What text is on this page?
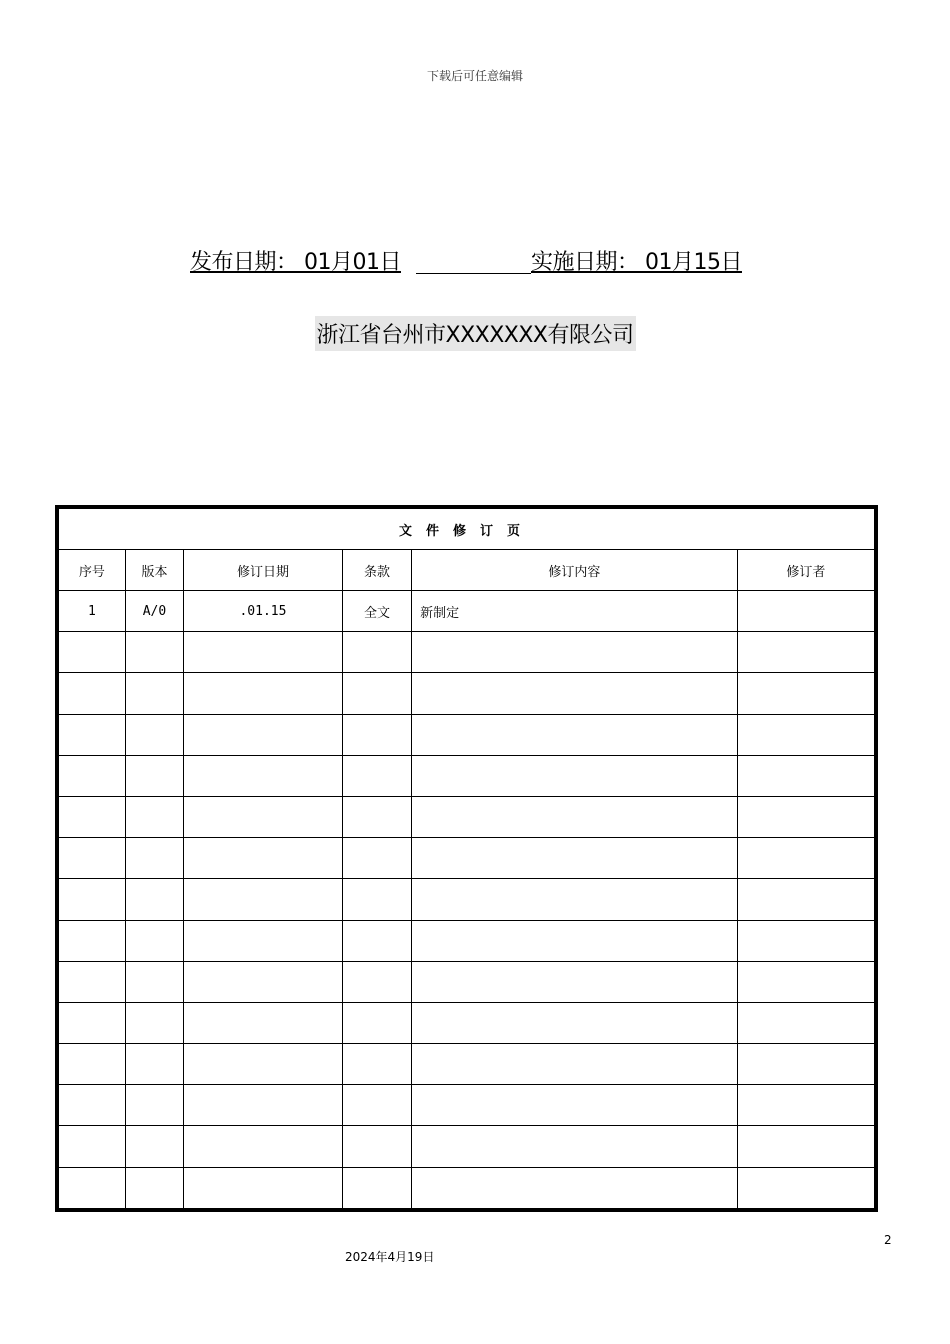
下载后可任意编辑
发布日期： 01月01日	实施日期： 01月15日
浙江省台州市XXXXXXX有限公司
文件修订页					
序号	版本	修订日期	条款	修订内容	修订者
1	A/0	.01.15	全文	新制定	

2
2024年4月19日
